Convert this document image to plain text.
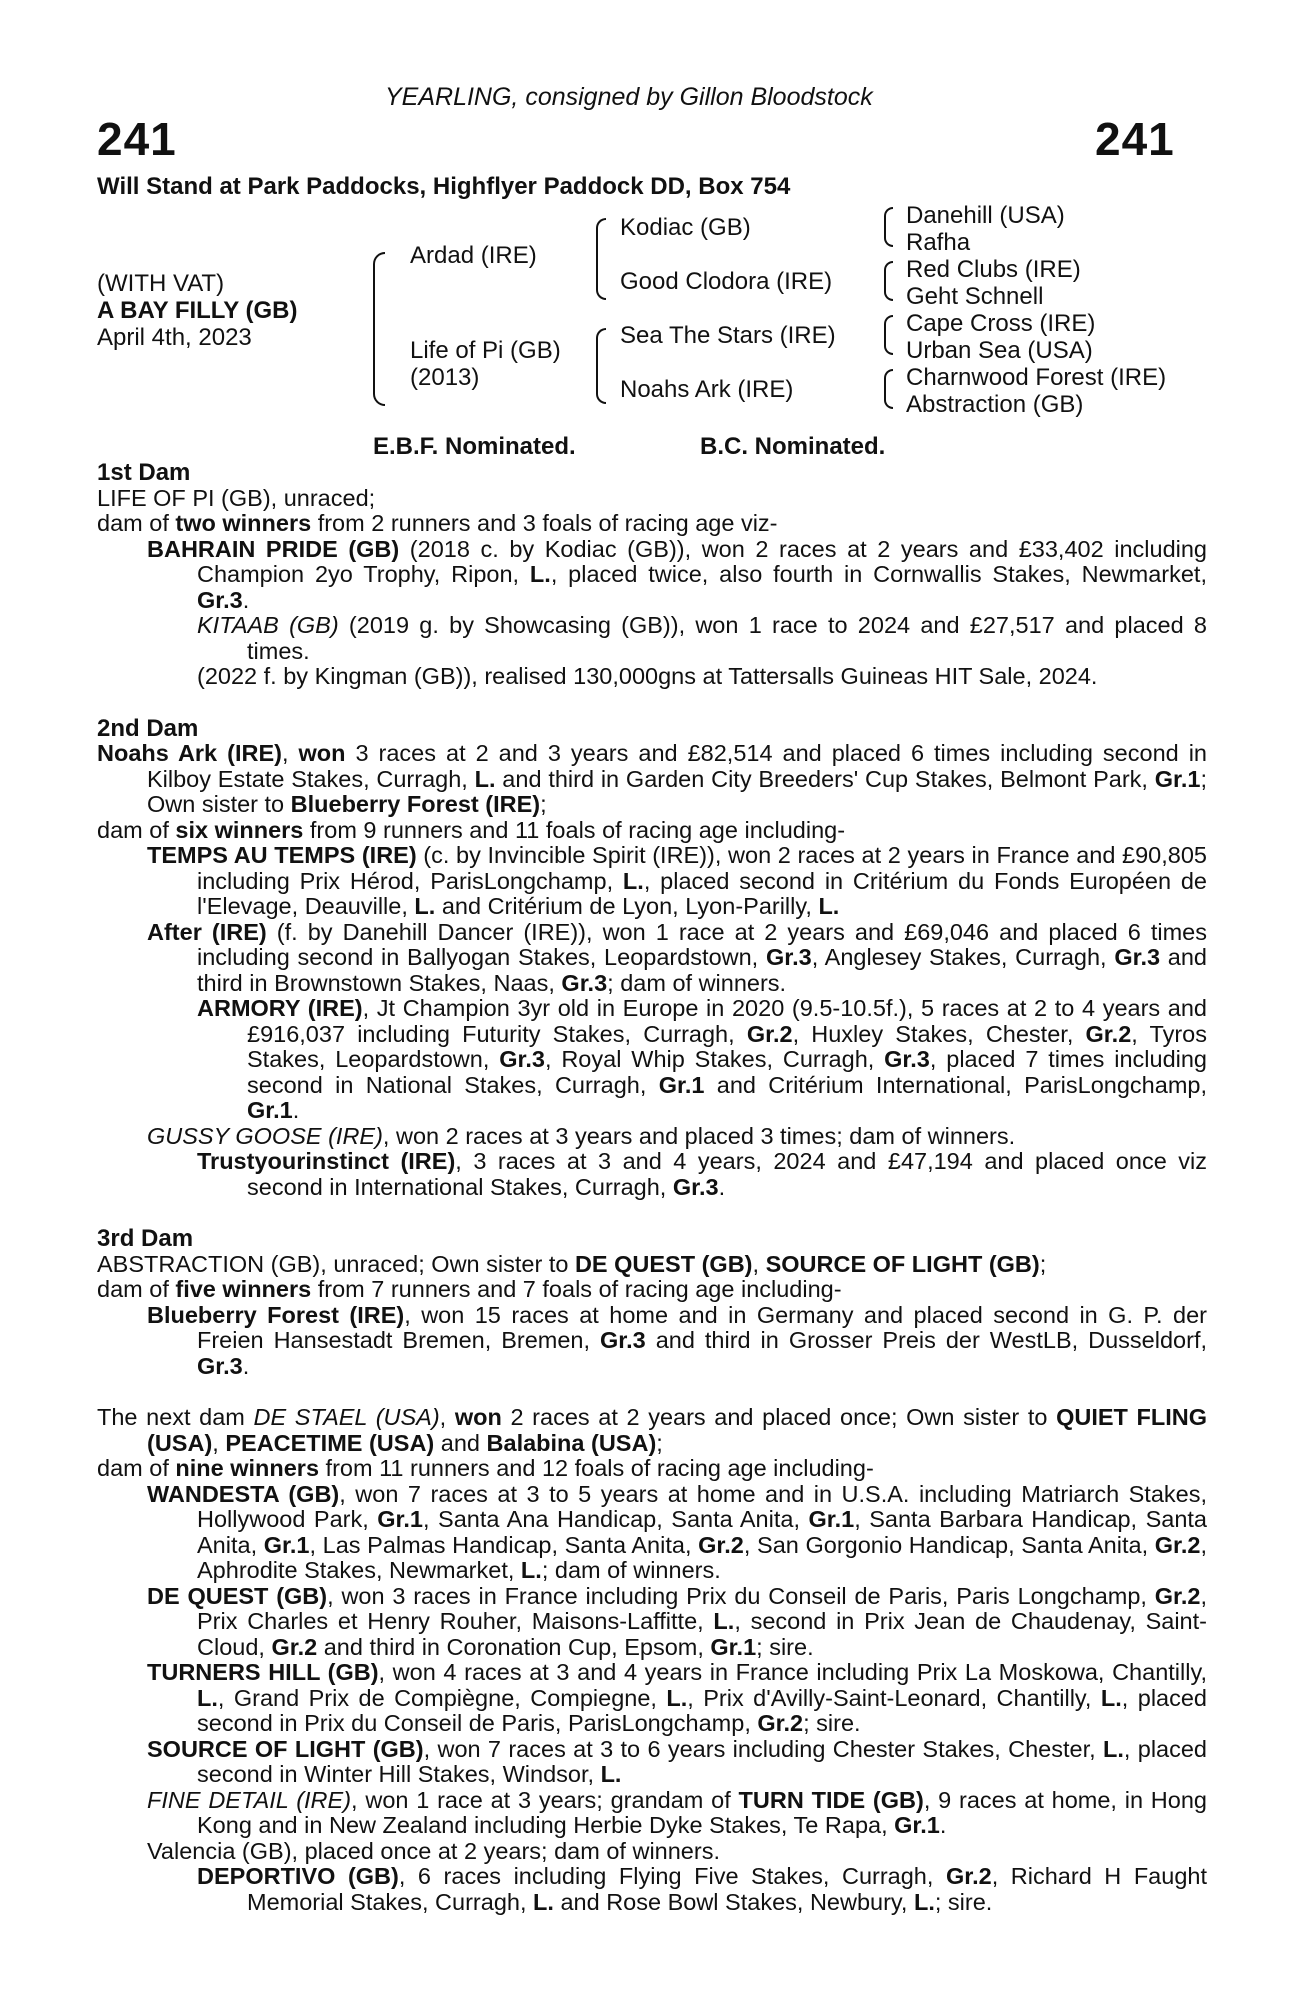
YEARLING, consigned by Gillon Bloodstock
241	241
Will Stand at Park Paddocks, Highflyer Paddock DD, Box 754
(WITH VAT)
A BAY FILLY (GB)
April 4th, 2023
Ardad (IRE)
Life of Pi (GB)
(2013)
Kodiac (GB)
Good Clodora (IRE)
Sea The Stars (IRE)
Noahs Ark (IRE)
Danehill (USA)
Rafha
Red Clubs (IRE)
Geht Schnell
Cape Cross (IRE)
Urban Sea (USA)
Charnwood Forest (IRE)
Abstraction (GB)
E.B.F. Nominated.	B.C. Nominated.
1st Dam
LIFE OF PI (GB), unraced;
dam of two winners from 2 runners and 3 foals of racing age viz-
BAHRAIN PRIDE (GB) (2018 c. by Kodiac (GB)), won 2 races at 2 years and £33,402 including Champion 2yo Trophy, Ripon, L., placed twice, also fourth in Cornwallis Stakes, Newmarket, Gr.3.
KITAAB (GB) (2019 g. by Showcasing (GB)), won 1 race to 2024 and £27,517 and placed 8 times.
(2022 f. by Kingman (GB)), realised 130,000gns at Tattersalls Guineas HIT Sale, 2024.
2nd Dam
Noahs Ark (IRE), won 3 races at 2 and 3 years and £82,514 and placed 6 times including second in Kilboy Estate Stakes, Curragh, L. and third in Garden City Breeders' Cup Stakes, Belmont Park, Gr.1; Own sister to Blueberry Forest (IRE);
dam of six winners from 9 runners and 11 foals of racing age including-
TEMPS AU TEMPS (IRE) (c. by Invincible Spirit (IRE)), won 2 races at 2 years in France and £90,805 including Prix Hérod, ParisLongchamp, L., placed second in Critérium du Fonds Européen de l'Elevage, Deauville, L. and Critérium de Lyon, Lyon-Parilly, L.
After (IRE) (f. by Danehill Dancer (IRE)), won 1 race at 2 years and £69,046 and placed 6 times including second in Ballyogan Stakes, Leopardstown, Gr.3, Anglesey Stakes, Curragh, Gr.3 and third in Brownstown Stakes, Naas, Gr.3; dam of winners.
ARMORY (IRE), Jt Champion 3yr old in Europe in 2020 (9.5-10.5f.), 5 races at 2 to 4 years and £916,037 including Futurity Stakes, Curragh, Gr.2, Huxley Stakes, Chester, Gr.2, Tyros Stakes, Leopardstown, Gr.3, Royal Whip Stakes, Curragh, Gr.3, placed 7 times including second in National Stakes, Curragh, Gr.1 and Critérium International, ParisLongchamp, Gr.1.
GUSSY GOOSE (IRE), won 2 races at 3 years and placed 3 times; dam of winners.
Trustyourinstinct (IRE), 3 races at 3 and 4 years, 2024 and £47,194 and placed once viz second in International Stakes, Curragh, Gr.3.
3rd Dam
ABSTRACTION (GB), unraced; Own sister to DE QUEST (GB), SOURCE OF LIGHT (GB);
dam of five winners from 7 runners and 7 foals of racing age including-
Blueberry Forest (IRE), won 15 races at home and in Germany and placed second in G. P. der Freien Hansestadt Bremen, Bremen, Gr.3 and third in Grosser Preis der WestLB, Dusseldorf, Gr.3.
The next dam DE STAEL (USA), won 2 races at 2 years and placed once; Own sister to QUIET FLING (USA), PEACETIME (USA) and Balabina (USA);
dam of nine winners from 11 runners and 12 foals of racing age including-
WANDESTA (GB), won 7 races at 3 to 5 years at home and in U.S.A. including Matriarch Stakes, Hollywood Park, Gr.1, Santa Ana Handicap, Santa Anita, Gr.1, Santa Barbara Handicap, Santa Anita, Gr.1, Las Palmas Handicap, Santa Anita, Gr.2, San Gorgonio Handicap, Santa Anita, Gr.2, Aphrodite Stakes, Newmarket, L.; dam of winners.
DE QUEST (GB), won 3 races in France including Prix du Conseil de Paris, Paris Longchamp, Gr.2, Prix Charles et Henry Rouher, Maisons-Laffitte, L., second in Prix Jean de Chaudenay, Saint-Cloud, Gr.2 and third in Coronation Cup, Epsom, Gr.1; sire.
TURNERS HILL (GB), won 4 races at 3 and 4 years in France including Prix La Moskowa, Chantilly, L., Grand Prix de Compiègne, Compiegne, L., Prix d'Avilly-Saint-Leonard, Chantilly, L., placed second in Prix du Conseil de Paris, ParisLongchamp, Gr.2; sire.
SOURCE OF LIGHT (GB), won 7 races at 3 to 6 years including Chester Stakes, Chester, L., placed second in Winter Hill Stakes, Windsor, L.
FINE DETAIL (IRE), won 1 race at 3 years; grandam of TURN TIDE (GB), 9 races at home, in Hong Kong and in New Zealand including Herbie Dyke Stakes, Te Rapa, Gr.1.
Valencia (GB), placed once at 2 years; dam of winners.
DEPORTIVO (GB), 6 races including Flying Five Stakes, Curragh, Gr.2, Richard H Faught Memorial Stakes, Curragh, L. and Rose Bowl Stakes, Newbury, L.; sire.
